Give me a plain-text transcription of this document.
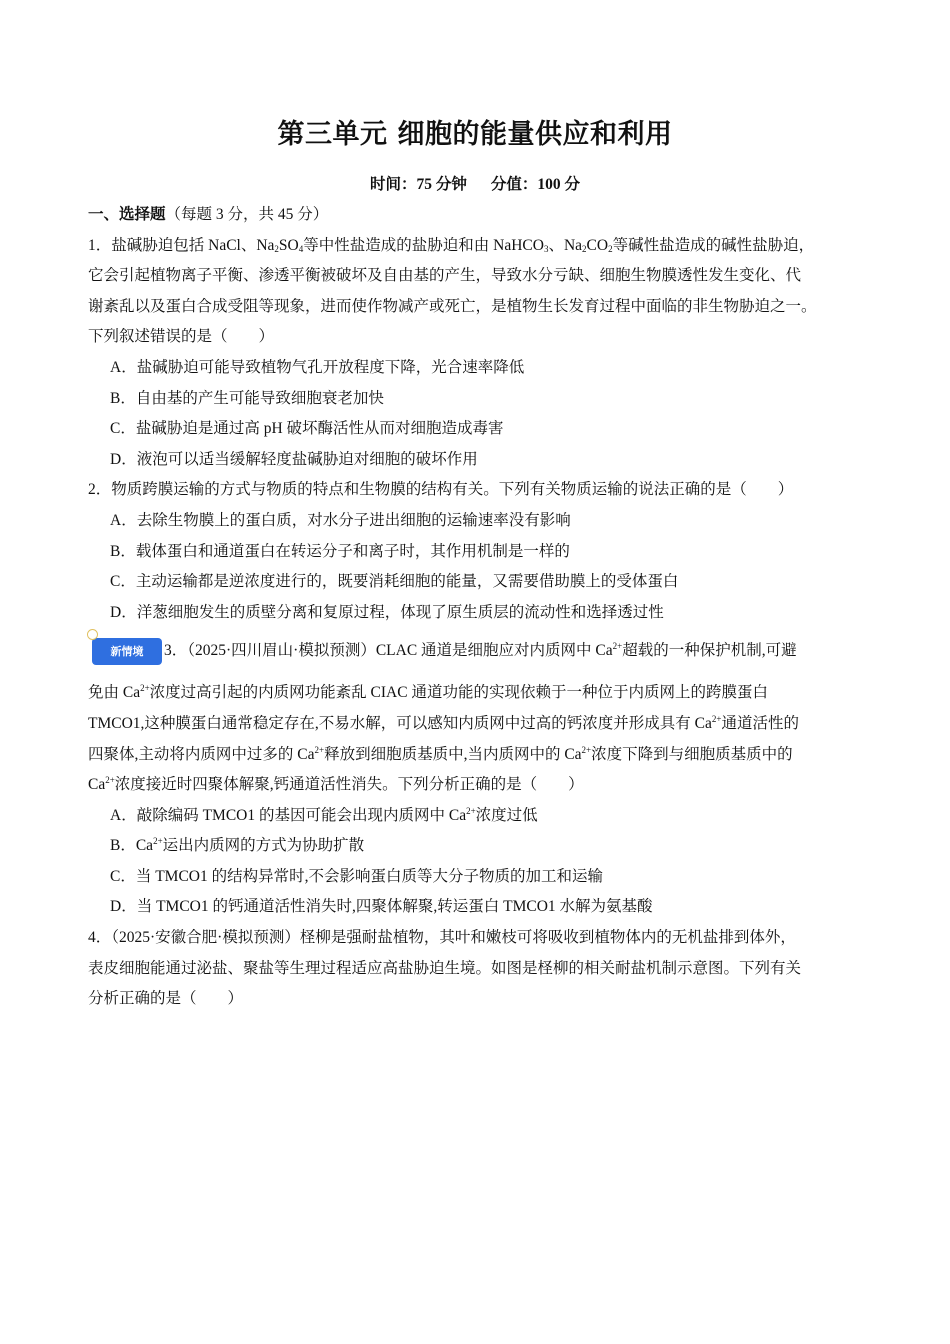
第三单元 细胞的能量供应和利用
时间：75 分钟 分值：100 分
一、选择题（每题 3 分，共 45 分）
1．盐碱胁迫包括 NaCl、$Na_2SO_4$等中性盐造成的盐胁迫和由 NaHCO$_3$、$Na_2CO_2$等碱性盐造成的碱性盐胁迫，
它会引起植物离子平衡、渗透平衡被破坏及自由基的产生，导致水分亏缺、细胞生物膜透性发生变化、代
谢紊乱以及蛋白合成受阻等现象，进而使作物减产或死亡，是植物生长发育过程中面临的非生物胁迫之一。
下列叙述错误的是（　　）
A．盐碱胁迫可能导致植物气孔开放程度下降，光合速率降低
B．自由基的产生可能导致细胞衰老加快
C．盐碱胁迫是通过高 pH 破坏酶活性从而对细胞造成毒害
D．液泡可以适当缓解轻度盐碱胁迫对细胞的破坏作用
2．物质跨膜运输的方式与物质的特点和生物膜的结构有关。下列有关物质运输的说法正确的是（　　）
A．去除生物膜上的蛋白质，对水分子进出细胞的运输速率没有影响
B．载体蛋白和通道蛋白在转运分子和离子时，其作用机制是一样的
C．主动运输都是逆浓度进行的，既要消耗细胞的能量，又需要借助膜上的受体蛋白
D．洋葱细胞发生的质壁分离和复原过程，体现了原生质层的流动性和选择透过性
新情境 3．（2025·四川眉山·模拟预测）CLAC 通道是细胞应对内质网中 $Ca^{2+}$超载的一种保护机制,可避
免由 $Ca^{2+}$浓度过高引起的内质网功能紊乱 CIAC 通道功能的实现依赖于一种位于内质网上的跨膜蛋白
TMCO1,这种膜蛋白通常稳定存在,不易水解，可以感知内质网中过高的钙浓度并形成具有 $Ca^{2+}$通道活性的
四聚体,主动将内质网中过多的 $Ca^{2+}$释放到细胞质基质中,当内质网中的 $Ca^{2+}$浓度下降到与细胞质基质中的
$Ca^{2+}$浓度接近时四聚体解聚,钙通道活性消失。下列分析正确的是（　　）
A．敲除编码 TMCO1 的基因可能会出现内质网中 $Ca^{2+}$浓度过低
B．$Ca^{2+}$运出内质网的方式为协助扩散
C．当 TMCO1 的结构异常时,不会影响蛋白质等大分子物质的加工和运输
D．当 TMCO1 的钙通道活性消失时,四聚体解聚,转运蛋白 TMCO1 水解为氨基酸
4．（2025·安徽合肥·模拟预测）柽柳是强耐盐植物，其叶和嫩枝可将吸收到植物体内的无机盐排到体外，
表皮细胞能通过泌盐、聚盐等生理过程适应高盐胁迫生境。如图是柽柳的相关耐盐机制示意图。下列有关
分析正确的是（　　）
